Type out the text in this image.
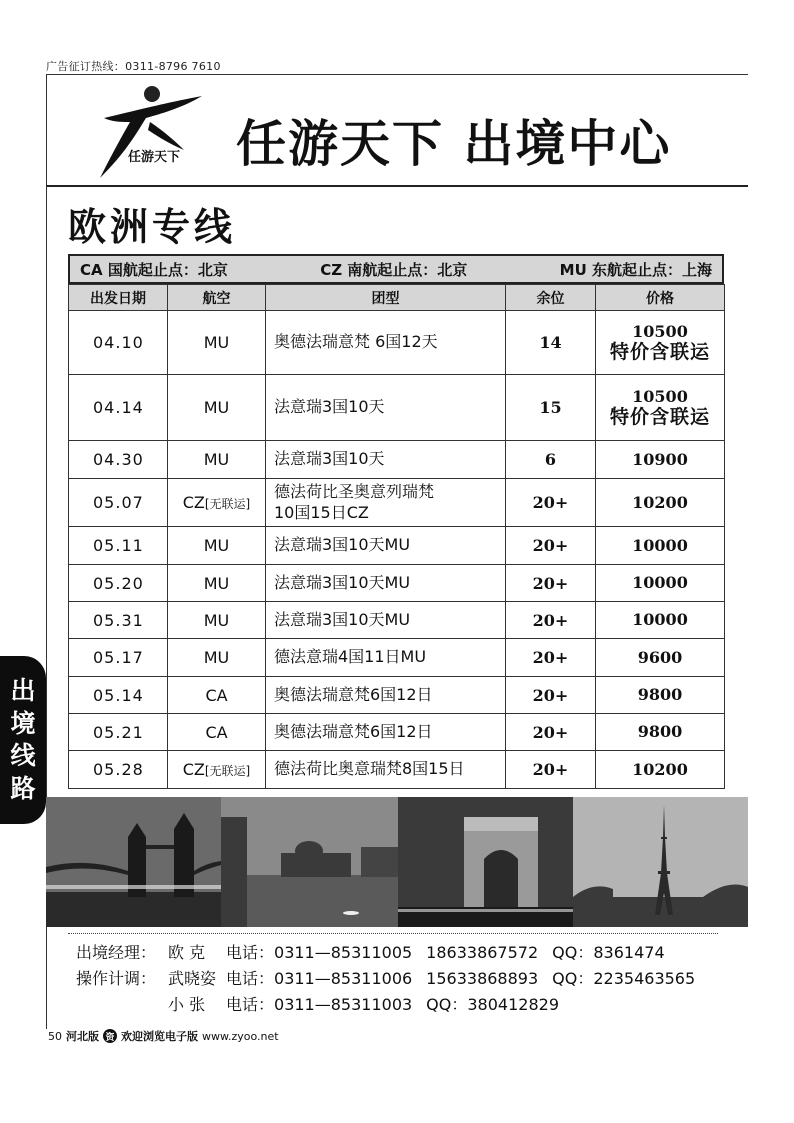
广告征订热线：0311-8796 7610
任游天下 任游天下 出境中心
欧洲专线
CA 国航起止点：北京	CZ 南航起止点：北京	MU 东航起止点：上海
出发日期	航空	团型	余位	价格
04.10	MU	奥德法瑞意梵 6国12天	14	10500
特价含联运

04.14	MU	法意瑞3国10天	15	10500
特价含联运

04.30	MU	法意瑞3国10天	6	10900
05.07	CZ[无联运]	德法荷比圣奥意列瑞梵
10国15日CZ	20+	10200
05.11	MU	法意瑞3国10天MU	20+	10000
05.20	MU	法意瑞3国10天MU	20+	10000
05.31	MU	法意瑞3国10天MU	20+	10000
05.17	MU	德法意瑞4国11日MU	20+	9600
05.14	CA	奥德法瑞意梵6国12日	20+	9800
05.21	CA	奥德法瑞意梵6国12日	20+	9800
05.28	CZ[无联运]	德法荷比奥意瑞梵8国15日	20+	10200
出
境
线
路
出境经理： 欧 克	电话： 0311—85311005 18633867572 QQ： 8361474
操作计调： 武晓姿 电话： 0311—85311006 15633868893 QQ： 2235463565
小 张	电话： 0311—85311003 QQ： 380412829
50 河北版 资 欢迎浏览电子版 www.zyoo.net
